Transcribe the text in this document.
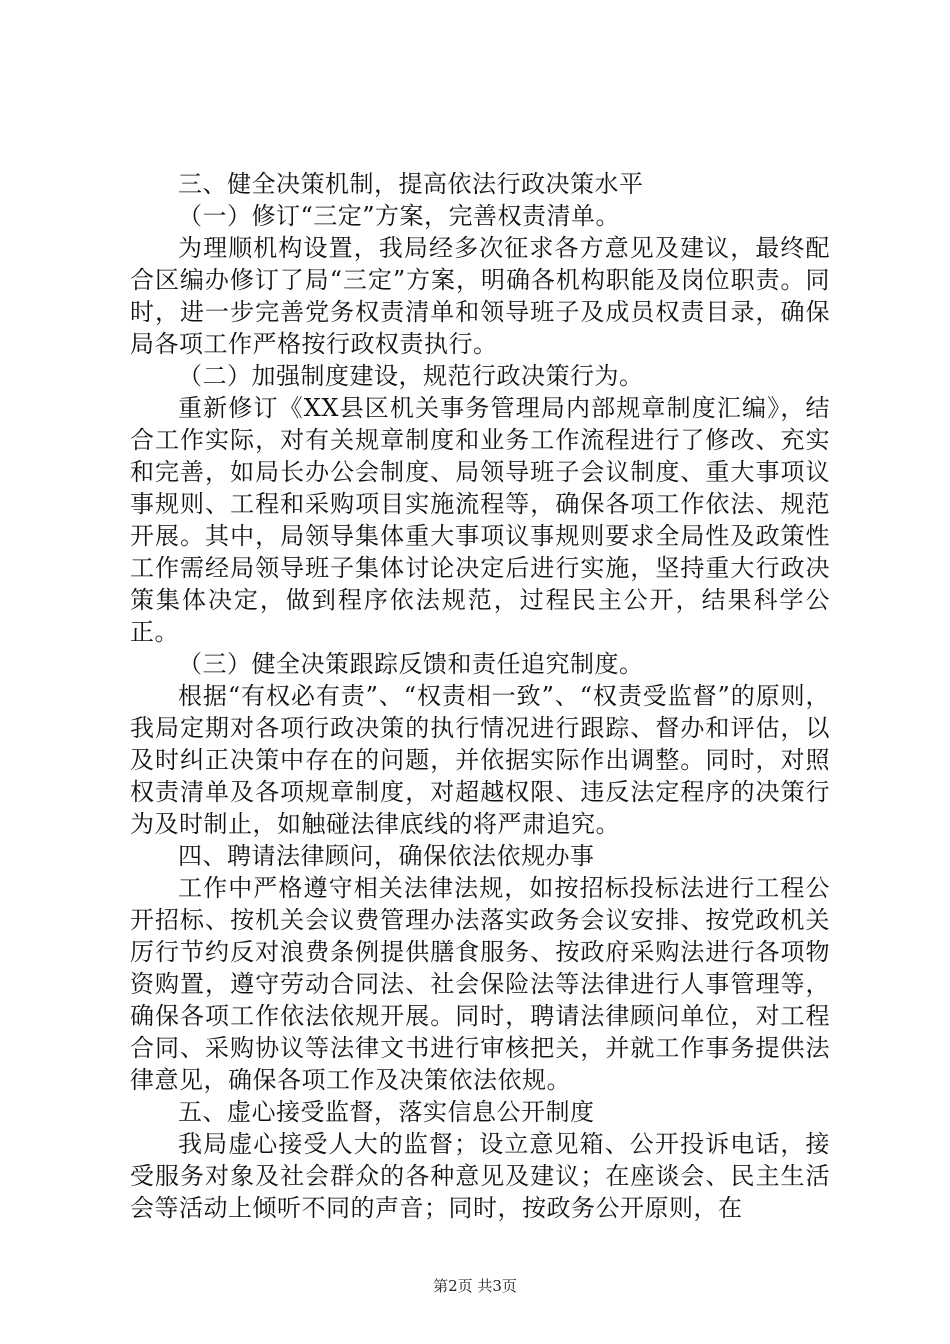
三、健全决策机制，提高依法行政决策水平

（一）修订“三定”方案，完善权责清单。

为理顺机构设置，我局经多次征求各方意见及建议，最终配合区编办修订了局“三定”方案，明确各机构职能及岗位职责。同时，进一步完善党务权责清单和领导班子及成员权责目录，确保局各项工作严格按行政权责执行。

（二）加强制度建设，规范行政决策行为。

重新修订《XX县区机关事务管理局内部规章制度汇编》，结合工作实际，对有关规章制度和业务工作流程进行了修改、充实和完善，如局长办公会制度、局领导班子会议制度、重大事项议事规则、工程和采购项目实施流程等，确保各项工作依法、规范开展。其中，局领导集体重大事项议事规则要求全局性及政策性工作需经局领导班子集体讨论决定后进行实施，坚持重大行政决策集体决定，做到程序依法规范，过程民主公开，结果科学公正。

（三）健全决策跟踪反馈和责任追究制度。

根据“有权必有责”、“权责相一致”、“权责受监督”的原则，我局定期对各项行政决策的执行情况进行跟踪、督办和评估，以及时纠正决策中存在的问题，并依据实际作出调整。同时，对照权责清单及各项规章制度，对超越权限、违反法定程序的决策行为及时制止，如触碰法律底线的将严肃追究。

四、聘请法律顾问，确保依法依规办事

工作中严格遵守相关法律法规，如按招标投标法进行工程公开招标、按机关会议费管理办法落实政务会议安排、按党政机关厉行节约反对浪费条例提供膳食服务、按政府采购法进行各项物资购置，遵守劳动合同法、社会保险法等法律进行人事管理等，确保各项工作依法依规开展。同时，聘请法律顾问单位，对工程合同、采购协议等法律文书进行审核把关，并就工作事务提供法律意见，确保各项工作及决策依法依规。

五、虚心接受监督，落实信息公开制度

我局虚心接受人大的监督；设立意见箱、公开投诉电话，接受服务对象及社会群众的各种意见及建议；在座谈会、民主生活会等活动上倾听不同的声音；同时，按政务公开原则，在

第2页 共3页
